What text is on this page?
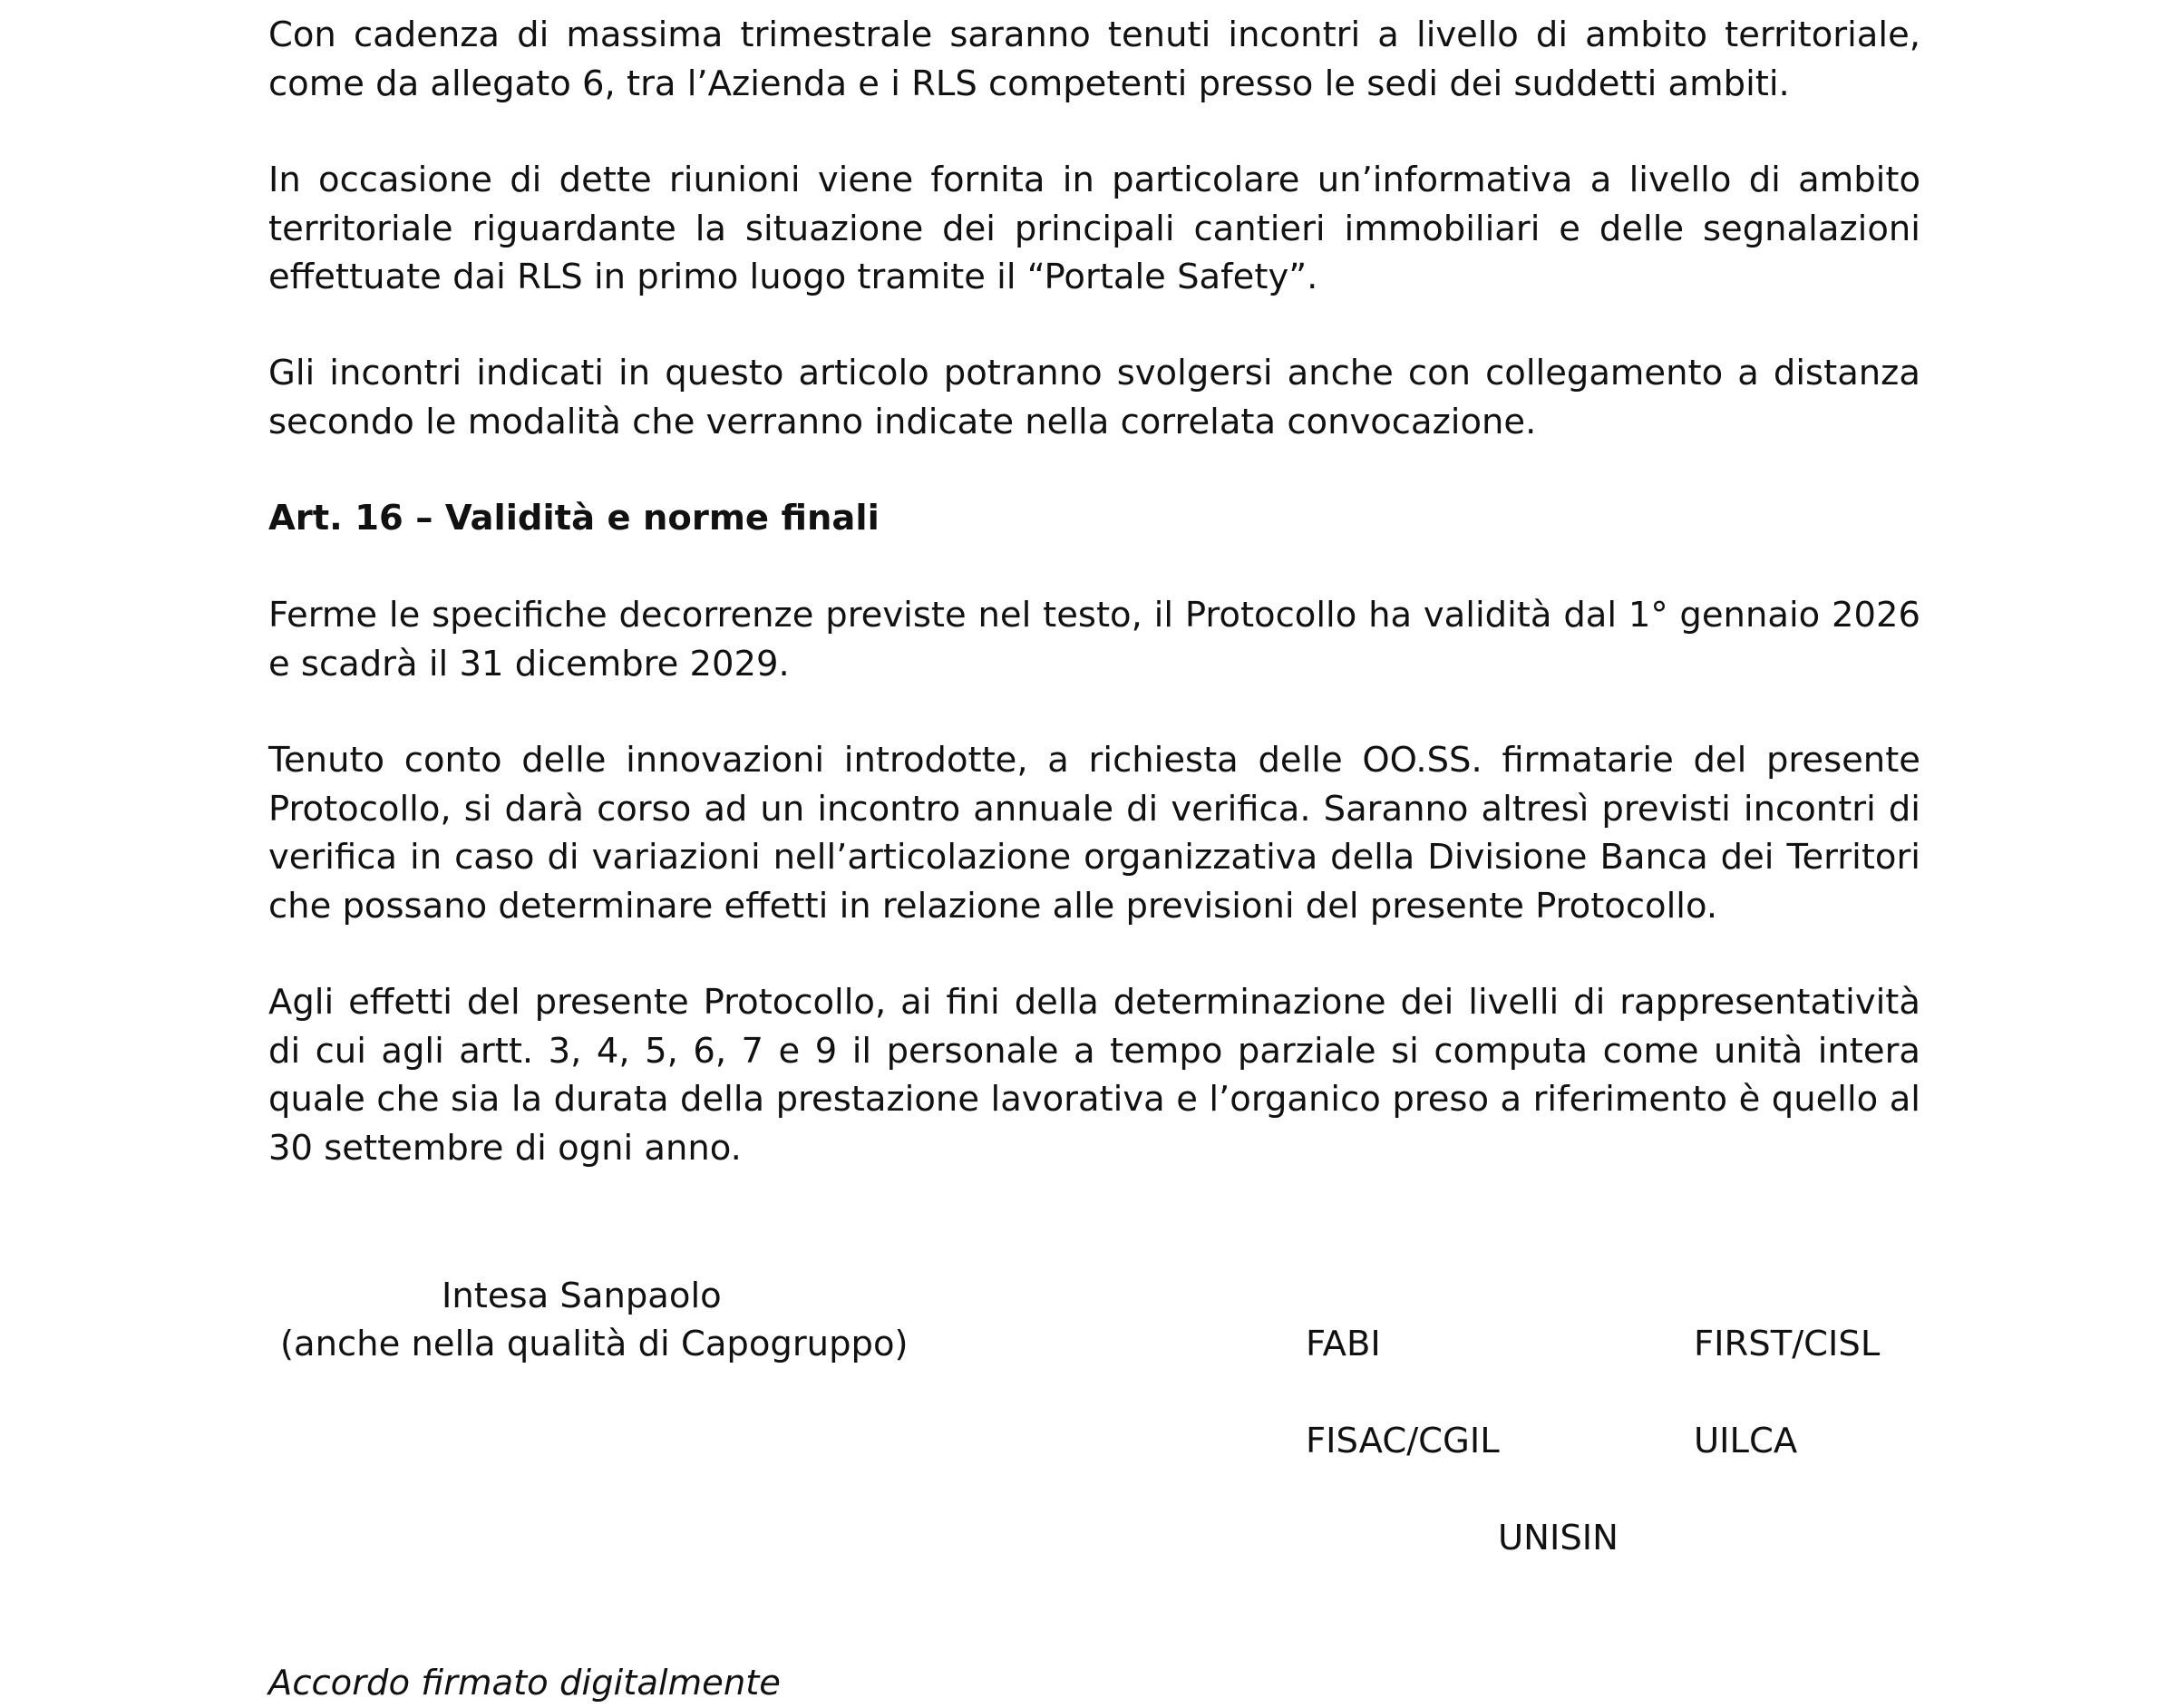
Con cadenza di massima trimestrale saranno tenuti incontri a livello di ambito territoriale, come da allegato 6, tra l’Azienda e i RLS competenti presso le sedi dei suddetti ambiti.

In occasione di dette riunioni viene fornita in particolare un’informativa a livello di ambito territoriale riguardante la situazione dei principali cantieri immobiliari e delle segnalazioni effettuate dai RLS in primo luogo tramite il “Portale Safety”.

Gli incontri indicati in questo articolo potranno svolgersi anche con collegamento a distanza secondo le modalità che verranno indicate nella correlata convocazione.

Art. 16 – Validità e norme finali

Ferme le specifiche decorrenze previste nel testo, il Protocollo ha validità dal 1° gennaio 2026 e scadrà il 31 dicembre 2029.

Tenuto conto delle innovazioni introdotte, a richiesta delle OO.SS. firmatarie del presente Protocollo, si darà corso ad un incontro annuale di verifica. Saranno altresì previsti incontri di verifica in caso di variazioni nell’articolazione organizzativa della Divisione Banca dei Territori che possano determinare effetti in relazione alle previsioni del presente Protocollo.

Agli effetti del presente Protocollo, ai fini della determinazione dei livelli di rappresentatività di cui agli artt. 3, 4, 5, 6, 7 e 9 il personale a tempo parziale si computa come unità intera quale che sia la durata della prestazione lavorativa e l’organico preso a riferimento è quello al 30 settembre di ogni anno.

Intesa Sanpaolo
(anche nella qualità di Capogruppo)	FABI	FIRST/CISL
FISAC/CGIL	UILCA
UNISIN
Accordo firmato digitalmente
